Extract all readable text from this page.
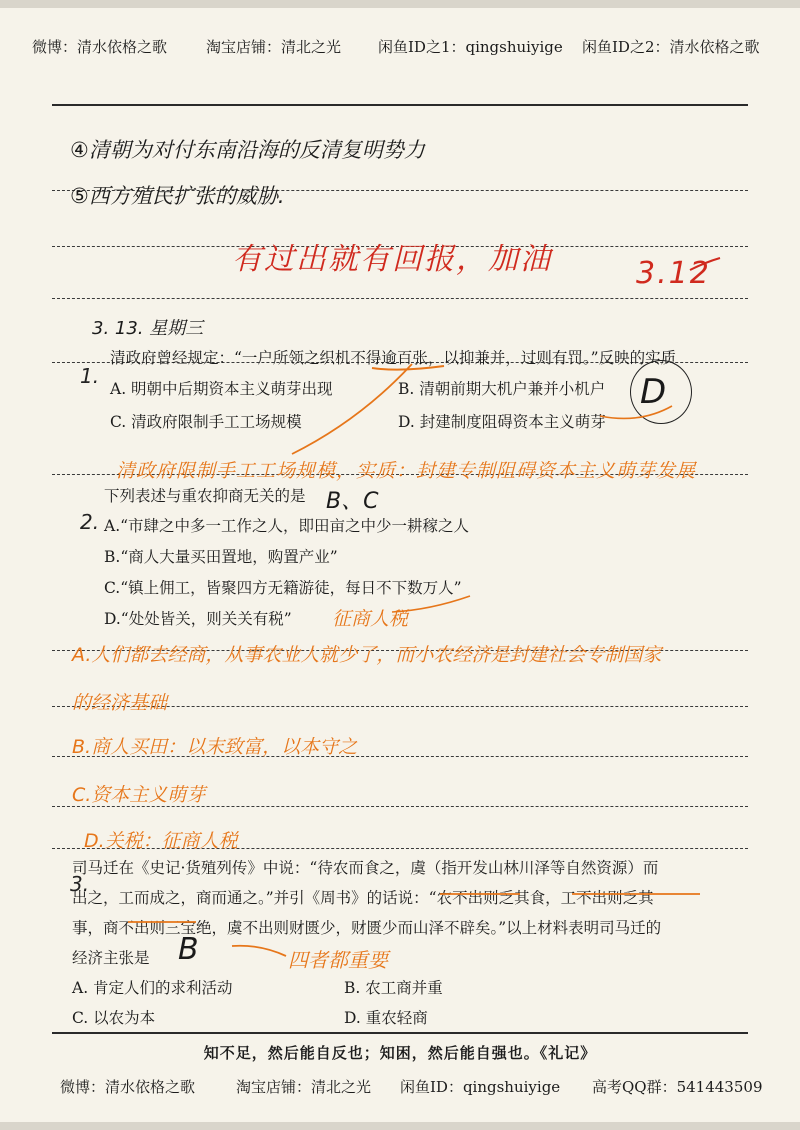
微博：清水依格之歌	淘宝店铺：清北之光 闲鱼ID之1：qingshuiyige 闲鱼ID之2：清水依格之歌
④清朝为对付东南沿海的反清复明势力
⑤西方殖民扩张的威胁.
有过出就有回报，加油	3.12
3. 13. 星期三
1.
清政府曾经规定：“一户所领之织机不得逾百张，以抑兼并，过则有罚。”反映的实质
A. 明朝中后期资本主义萌芽出现	B. 清朝前期大机户兼并小机户
C. 清政府限制手工工场规模	D. 封建制度阻碍资本主义萌芽
D
清政府限制手工工场规模，实质：封建专制阻碍资本主义萌芽发展
下列表述与重农抑商无关的是 B、C
2. A.“市肆之中多一工作之人，即田亩之中少一耕稼之人
B.“商人大量买田置地，购置产业”
C.“镇上佣工，皆聚四方无籍游徒，每日不下数万人”
D.“处处皆关，则关关有税” 征商人税
A.人们都去经商，从事农业人就少了，而小农经济是封建社会专制国家
的经济基础
B.商人买田：以末致富，以本守之
C.资本主义萌芽
D.关税：征商人税
3.
司马迁在《史记·货殖列传》中说：“待农而食之，虞（指开发山林川泽等自然资源）而
出之，工而成之，商而通之。”并引《周书》的话说：“农不出则乏其食，工不出则乏其
事，商不出则三宝绝，虞不出则财匮少，财匮少而山泽不辟矣。”以上材料表明司马迁的
经济主张是 B	四者都重要
A. 肯定人们的求利活动	B. 农工商并重
C. 以农为本	D. 重农轻商
知不足，然后能自反也；知困，然后能自强也。《礼记》
微博：清水依格之歌	淘宝店铺：清北之光 闲鱼ID：qingshuiyige 高考QQ群：541443509
